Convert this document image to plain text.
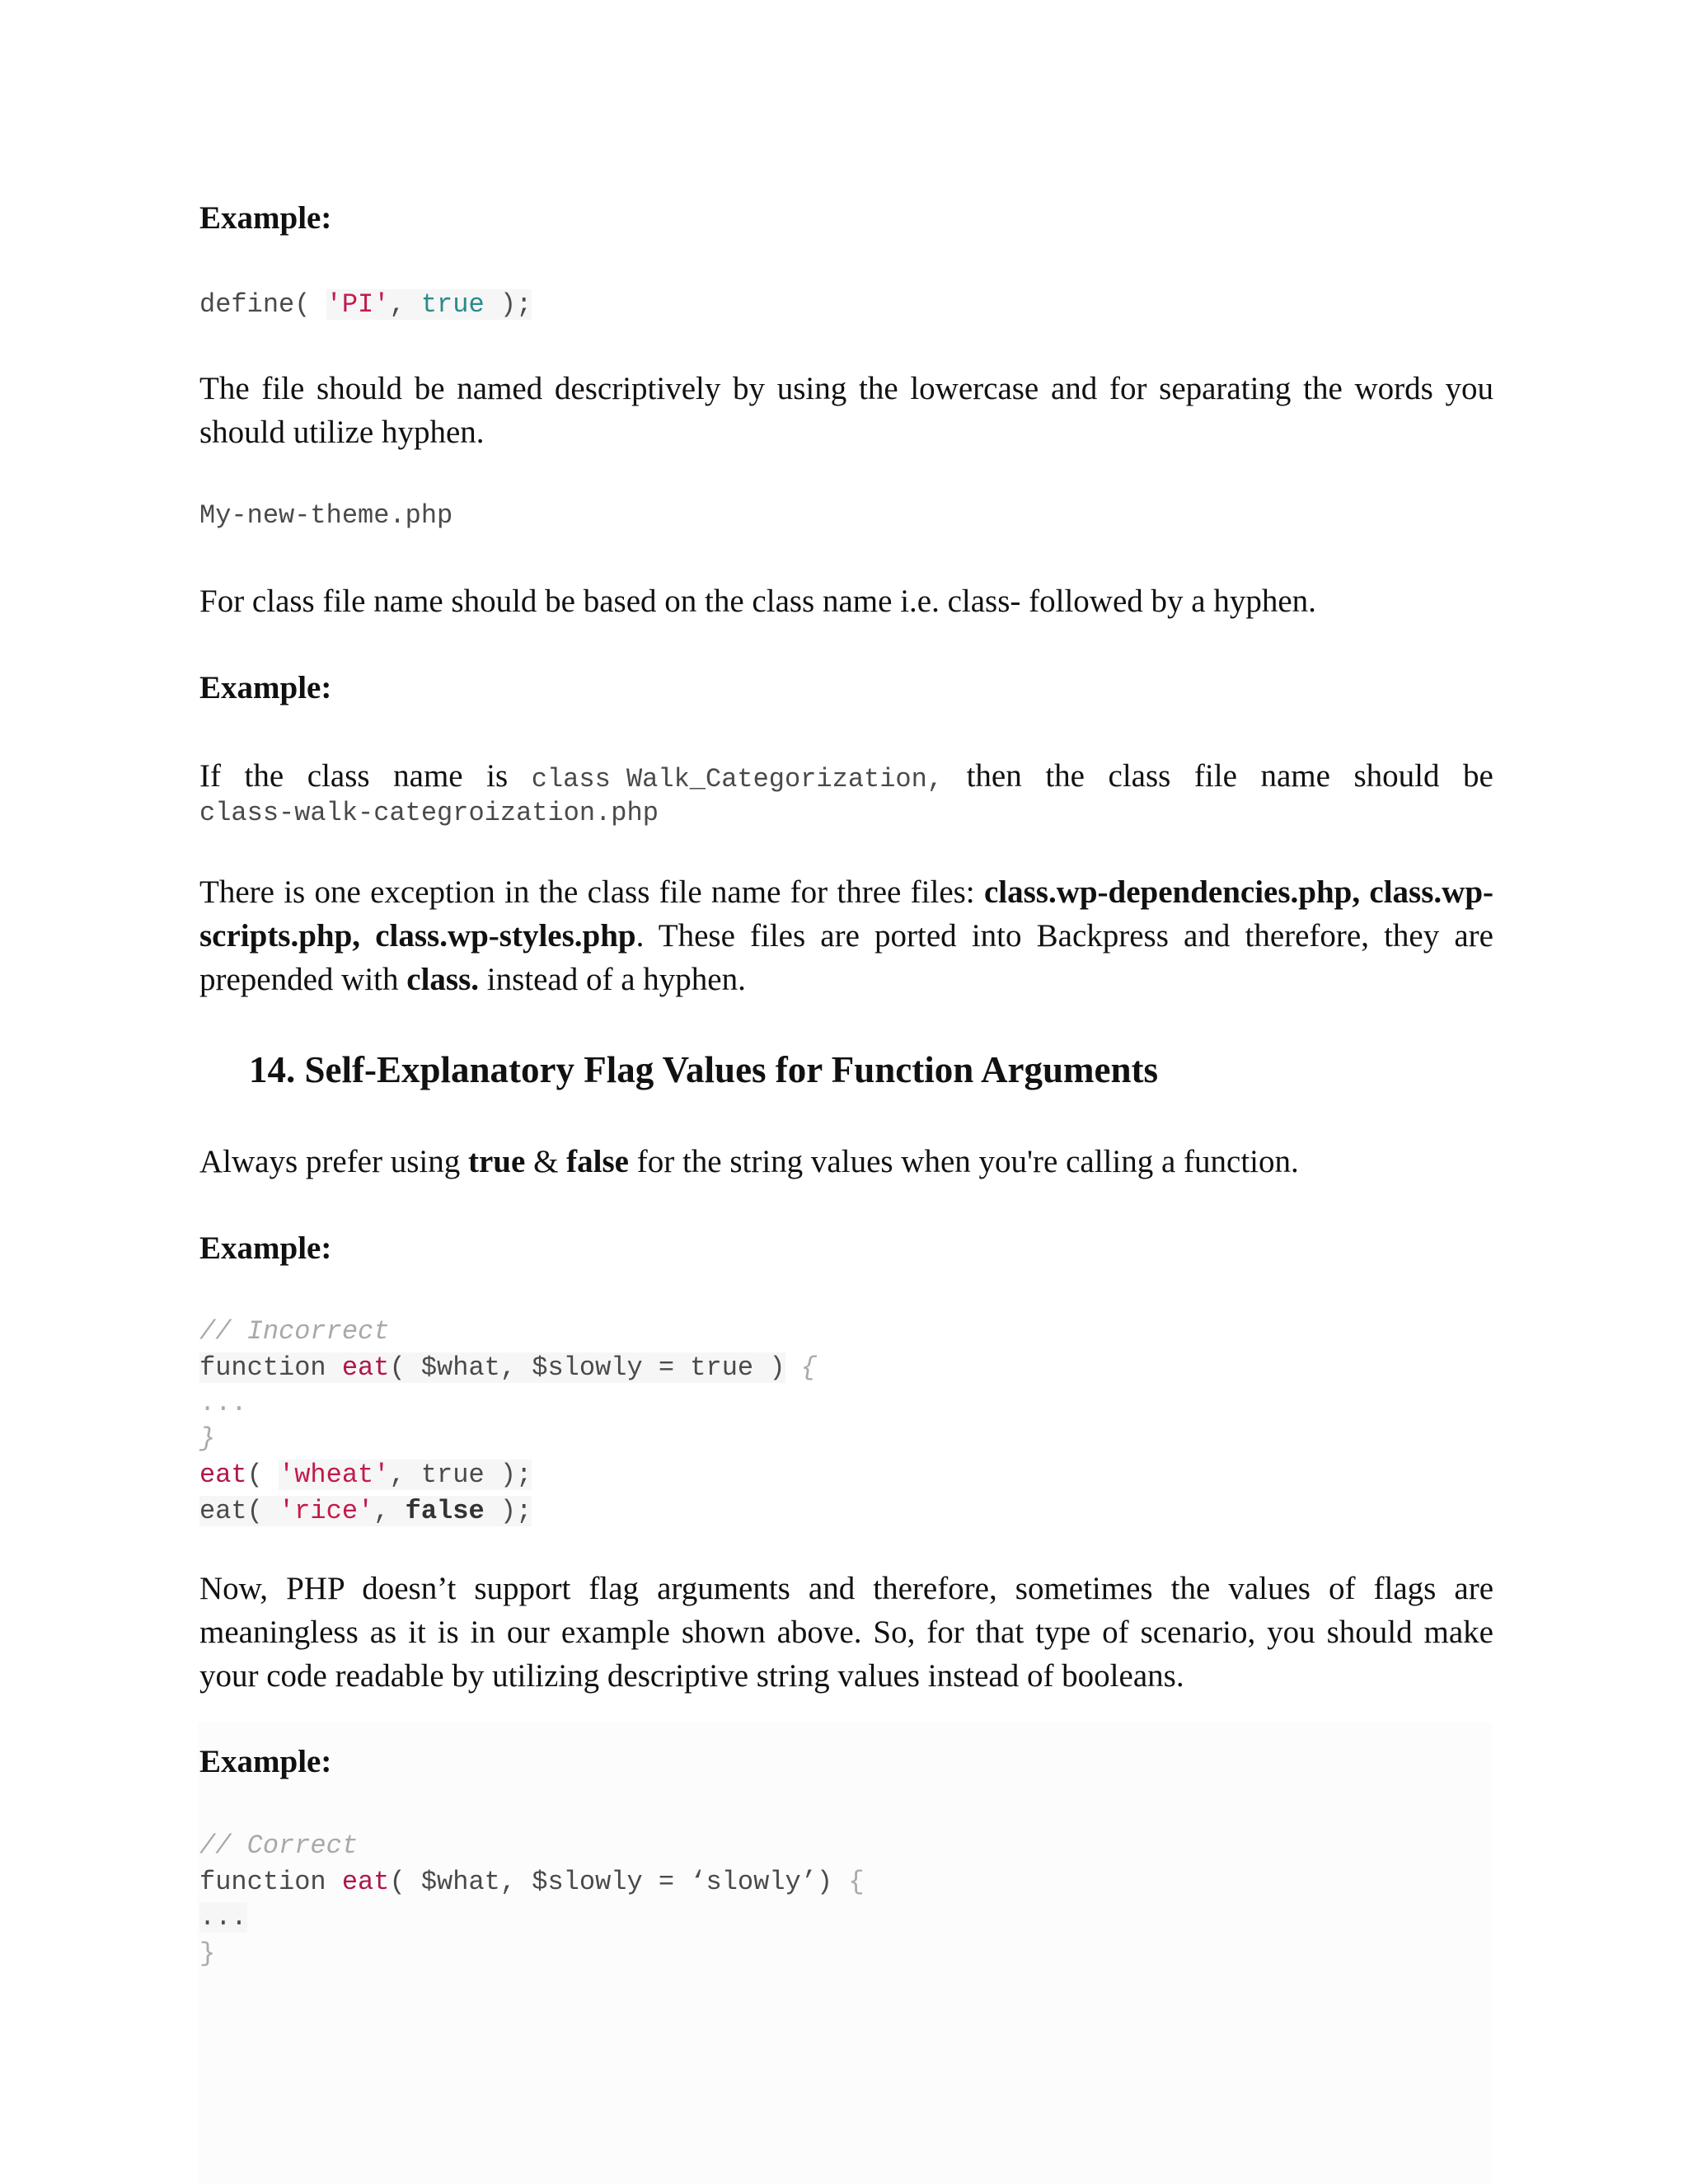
Example:
define( 'PI', true );

The file should be named descriptively by using the lowercase and for separating the words you should utilize hyphen.

My-new-theme.php

For class file name should be based on the class name i.e. class- followed by a hyphen.

Example:
If the class name is class Walk_Categorization, then the class file name should be
class-walk-categroization.php

There is one exception in the class file name for three files: class.wp-dependencies.php, class.wp-scripts.php, class.wp-styles.php. These files are ported into Backpress and therefore, they are prepended with class. instead of a hyphen.

14. Self-Explanatory Flag Values for Function Arguments

Always prefer using true & false for the string values when you're calling a function.

Example:
// Incorrect
function eat( $what, $slowly = true ) {
...
}
eat( 'wheat', true );
eat( 'rice', false );

Now, PHP doesn’t support flag arguments and therefore, sometimes the values of flags are meaningless as it is in our example shown above. So, for that type of scenario, you should make your code readable by utilizing descriptive string values instead of booleans.

Example:
// Correct
function eat( $what, $slowly = ‘slowly’) {
...
}
